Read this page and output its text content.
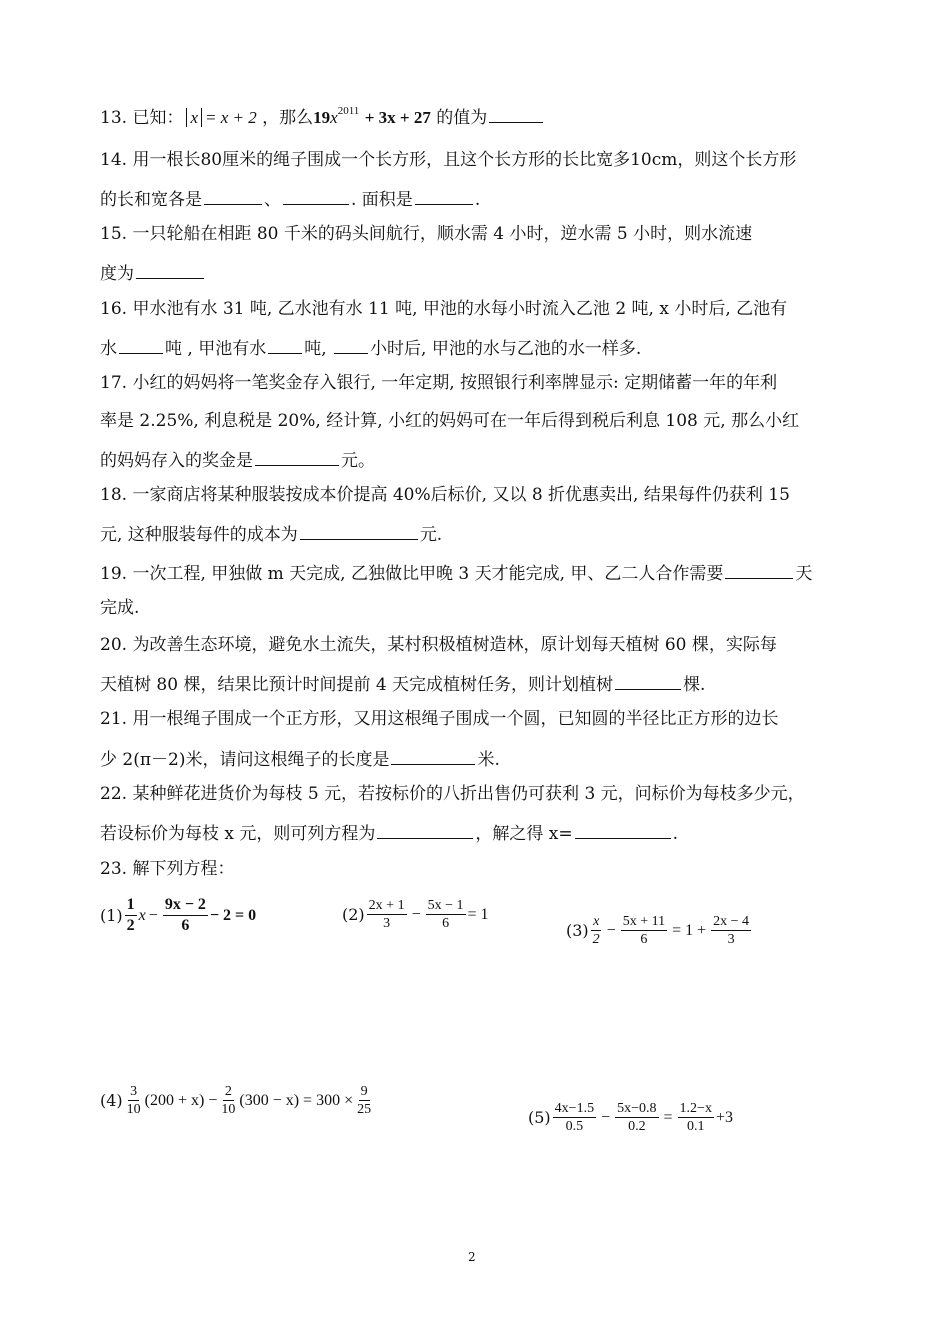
13. 已知： x = x + 2 ，那么$19x^{2011} + 3x + 27$ 的值为
14. 用一根长80厘米的绳子围成一个长方形，且这个长方形的长比宽多10cm，则这个长方形
的长和宽各是	、	. 面积是	.
15. 一只轮船在相距 80 千米的码头间航行，顺水需 4 小时，逆水需 5 小时，则水流速
度为
16. 甲水池有水 31 吨, 乙水池有水 11 吨, 甲池的水每小时流入乙池 2 吨, x 小时后, 乙池有
水	吨 , 甲池有水 吨,	小时后, 甲池的水与乙池的水一样多.
17. 小红的妈妈将一笔奖金存入银行, 一年定期, 按照银行利率牌显示: 定期储蓄一年的年利
率是 2.25%, 利息税是 20%, 经计算, 小红的妈妈可在一年后得到税后利息 108 元, 那么小红
的妈妈存入的奖金是	元。
18. 一家商店将某种服装按成本价提高 40%后标价, 又以 8 折优惠卖出, 结果每件仍获利 15
元, 这种服装每件的成本为	元.
19. 一次工程, 甲独做 m 天完成, 乙独做比甲晚 3 天才能完成, 甲、乙二人合作需要	天
完成.
20. 为改善生态环境，避免水土流失，某村积极植树造林，原计划每天植树 60 棵，实际每
天植树 80 棵，结果比预计时间提前 4 天完成植树任务，则计划植树	棵.
21. 用一根绳子围成一个正方形，又用这根绳子围成一个圆，已知圆的半径比正方形的边长
少 2(π－2)米，请问这根绳子的长度是	米.
22. 某种鲜花进货价为每枝 5 元，若按标价的八折出售仍可获利 3 元，问标价为每枝多少元，
若设标价为每枝 x 元，则可列方程为	，解之得 x=	.
23. 解下列方程：
$(1) \frac{1}{2}$ $x - \frac{9x - 2}{6} - 2 = 0$	$(2) \frac{2x + 1}{3} - \frac{5x - 1}{6} = 1$
$(3) \frac{x}{2} - \frac{5x + 11}{6} = 1 + \frac{2x - 4}{3}$
$(4) \frac{3}{10} (200 + x) - \frac{2}{10} (300 - x) = 300 \times \frac{9}{25}$	$(5) \frac{4x-1.5}{0.5} - \frac{5x-0.8}{0.2} = \frac{1.2-x}{0.1} +3$
2
